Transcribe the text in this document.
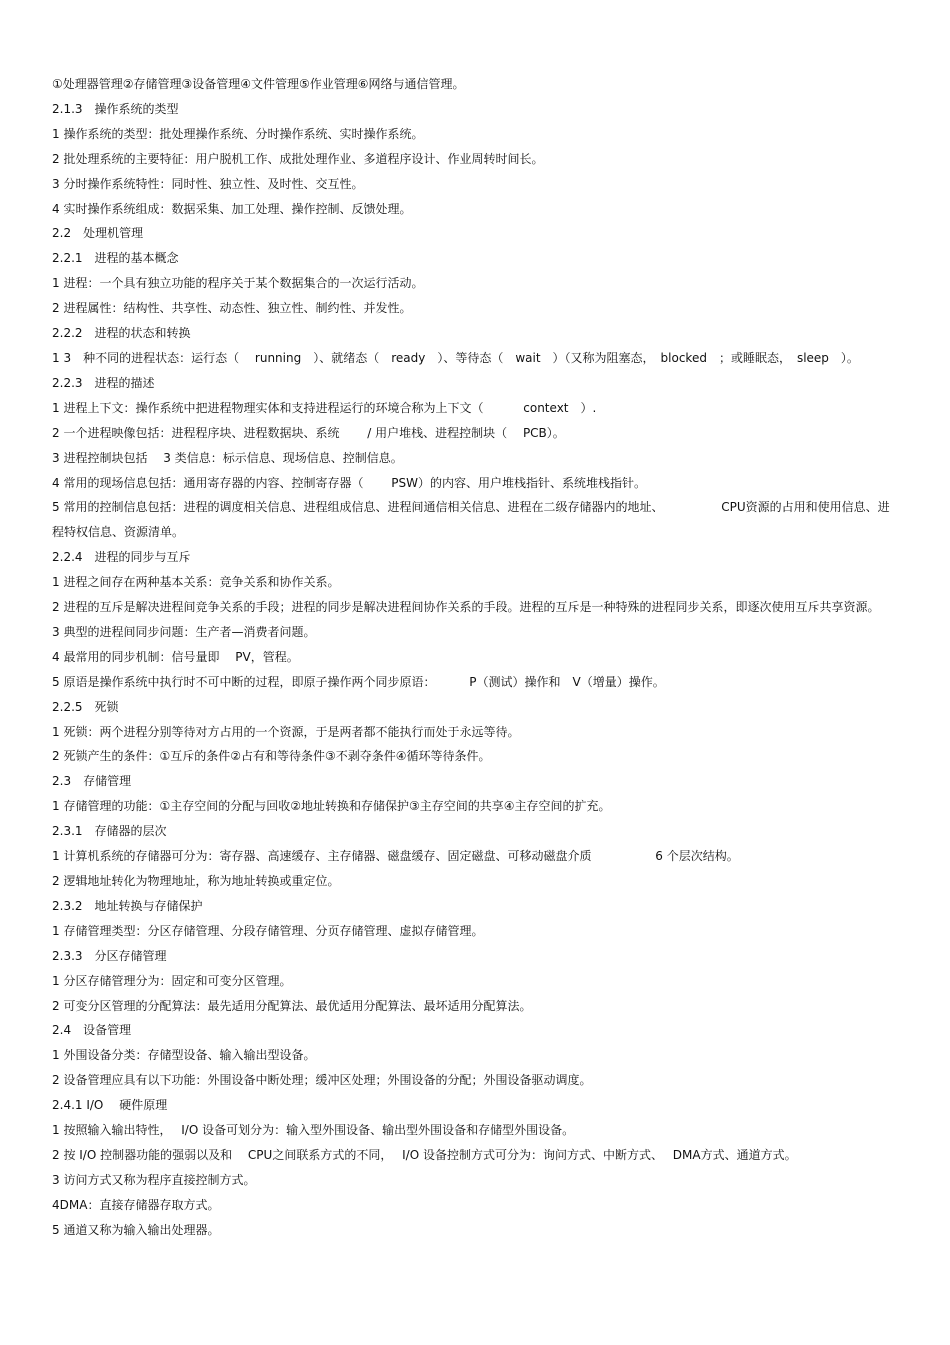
①处理器管理②存储管理③设备管理④文件管理⑤作业管理⑥网络与通信管理。
2.1.3　操作系统的类型
1 操作系统的类型：批处理操作系统、分时操作系统、实时操作系统。
2 批处理系统的主要特征：用户脱机工作、成批处理作业、多道程序设计、作业周转时间长。
3 分时操作系统特性：同时性、独立性、及时性、交互性。
4 实时操作系统组成：数据采集、加工处理、操作控制、反馈处理。
2.2　处理机管理
2.2.1　进程的基本概念
1 进程：一个具有独立功能的程序关于某个数据集合的一次运行活动。
2 进程属性：结构性、共享性、动态性、独立性、制约性、并发性。
2.2.2　进程的状态和转换
1 3　种不同的进程状态：运行态（　 running　）、就绪态（　ready　）、等待态（　wait　）（又称为阻塞态，　blocked　；或睡眠态，　sleep　）。
2.2.3　进程的描述
1 进程上下文：操作系统中把进程物理实体和支持进程运行的环境合称为上下文（　　　 context　）.
2 一个进程映像包括：进程程序块、进程数据块、系统　　 / 用户堆栈、进程控制块（　 PCB）。
3 进程控制块包括　 3 类信息：标示信息、现场信息、控制信息。
4 常用的现场信息包括：通用寄存器的内容、控制寄存器（　　 PSW）的内容、用户堆栈指针、系统堆栈指针。
5 常用的控制信息包括：进程的调度相关信息、进程组成信息、进程间通信相关信息、进程在二级存储器内的地址、　　　　　 CPU资源的占用和使用信息、进程特权信息、资源清单。
2.2.4　进程的同步与互斥
1 进程之间存在两种基本关系：竞争关系和协作关系。
2 进程的互斥是解决进程间竞争关系的手段；进程的同步是解决进程间协作关系的手段。进程的互斥是一种特殊的进程同步关系，即逐次使用互斥共享资源。
3 典型的进程间同步问题：生产者—消费者问题。
4 最常用的同步机制：信号量即　 PV，管程。
5 原语是操作系统中执行时不可中断的过程，即原子操作两个同步原语：　　　 P（测试）操作和　V（增量）操作。
2.2.5　死锁
1 死锁：两个进程分别等待对方占用的一个资源，于是两者都不能执行而处于永远等待。
2 死锁产生的条件：①互斥的条件②占有和等待条件③不剥夺条件④循环等待条件。
2.3　存储管理
1 存储管理的功能：①主存空间的分配与回收②地址转换和存储保护③主存空间的共享④主存空间的扩充。
2.3.1　存储器的层次
1 计算机系统的存储器可分为：寄存器、高速缓存、主存储器、磁盘缓存、固定磁盘、可移动磁盘介质　　　　　 6 个层次结构。
2 逻辑地址转化为物理地址，称为地址转换或重定位。
2.3.2　地址转换与存储保护
1 存储管理类型：分区存储管理、分段存储管理、分页存储管理、虚拟存储管理。
2.3.3　分区存储管理
1 分区存储管理分为：固定和可变分区管理。
2 可变分区管理的分配算法：最先适用分配算法、最优适用分配算法、最坏适用分配算法。
2.4　设备管理
1 外围设备分类：存储型设备、输入输出型设备。
2 设备管理应具有以下功能：外围设备中断处理；缓冲区处理；外围设备的分配；外围设备驱动调度。
2.4.1 I/O　 硬件原理
1 按照输入输出特性，　 I/O 设备可划分为：输入型外围设备、输出型外围设备和存储型外围设备。
2 按 I/O 控制器功能的强弱以及和　 CPU之间联系方式的不同，　 I/O 设备控制方式可分为：询问方式、中断方式、　 DMA方式、通道方式。
3 访问方式又称为程序直接控制方式。
4DMA：直接存储器存取方式。
5 通道又称为输入输出处理器。
